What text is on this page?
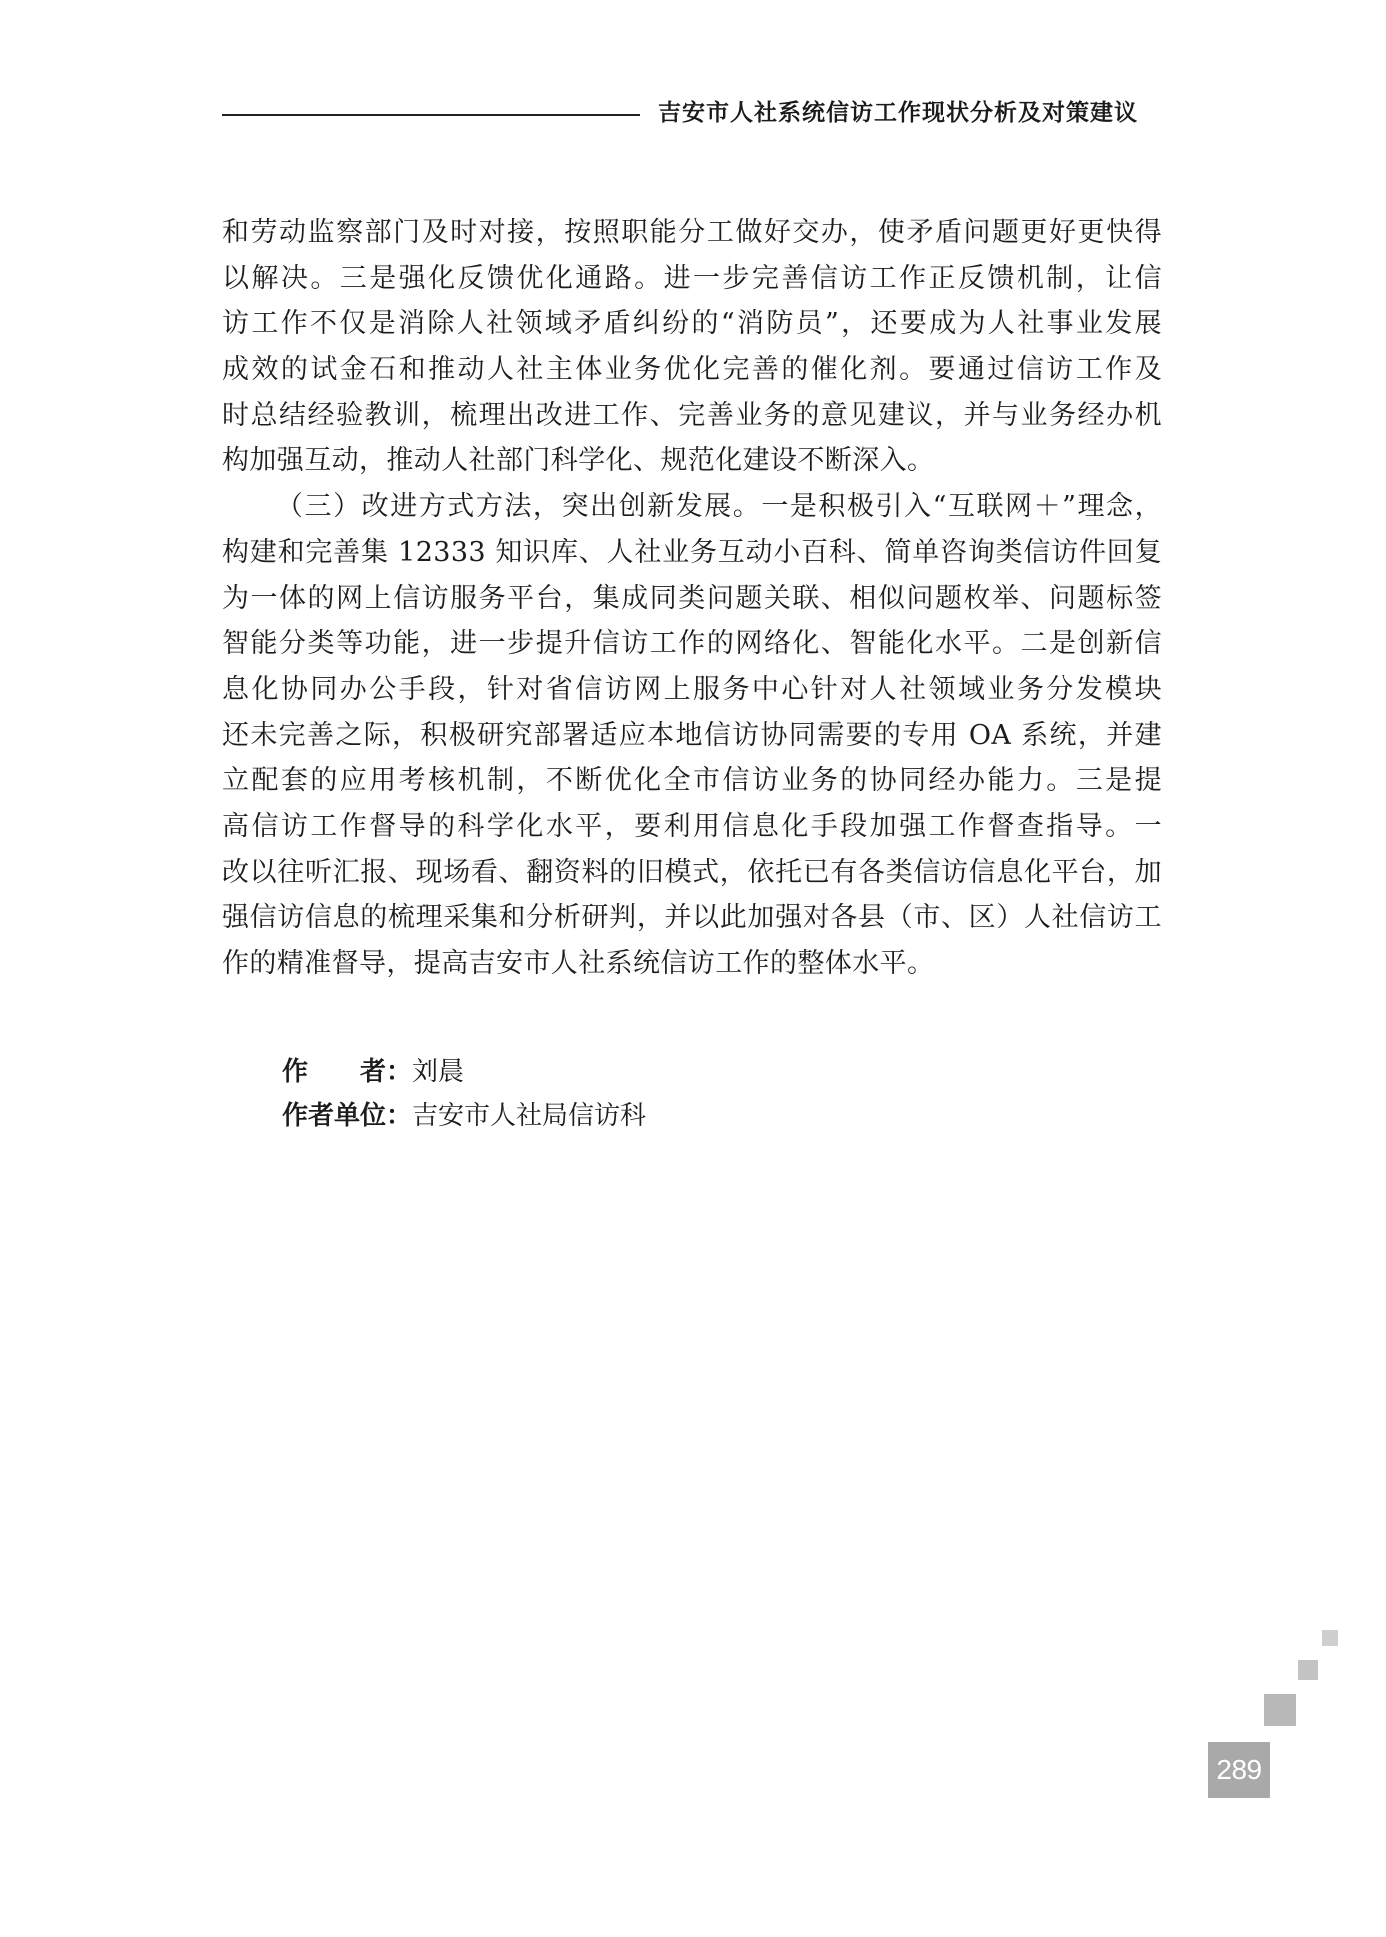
吉安市人社系统信访工作现状分析及对策建议
和劳动监察部门及时对接，按照职能分工做好交办，使矛盾问题更好更快得
以解决。三是强化反馈优化通路。进一步完善信访工作正反馈机制，让信
访工作不仅是消除人社领域矛盾纠纷的“消防员”，还要成为人社事业发展
成效的试金石和推动人社主体业务优化完善的催化剂。要通过信访工作及
时总结经验教训，梳理出改进工作、完善业务的意见建议，并与业务经办机
构加强互动，推动人社部门科学化、规范化建设不断深入。
（三）改进方式方法，突出创新发展。一是积极引入“互联网＋”理念，
构建和完善集 12333 知识库、人社业务互动小百科、简单咨询类信访件回复
为一体的网上信访服务平台，集成同类问题关联、相似问题枚举、问题标签
智能分类等功能，进一步提升信访工作的网络化、智能化水平。二是创新信
息化协同办公手段，针对省信访网上服务中心针对人社领域业务分发模块
还未完善之际，积极研究部署适应本地信访协同需要的专用 OA 系统，并建
立配套的应用考核机制，不断优化全市信访业务的协同经办能力。三是提
高信访工作督导的科学化水平，要利用信息化手段加强工作督查指导。一
改以往听汇报、现场看、翻资料的旧模式，依托已有各类信访信息化平台，加
强信访信息的梳理采集和分析研判，并以此加强对各县（市、区）人社信访工
作的精准督导，提高吉安市人社系统信访工作的整体水平。
作　　者：刘晨
作者单位：吉安市人社局信访科
289
